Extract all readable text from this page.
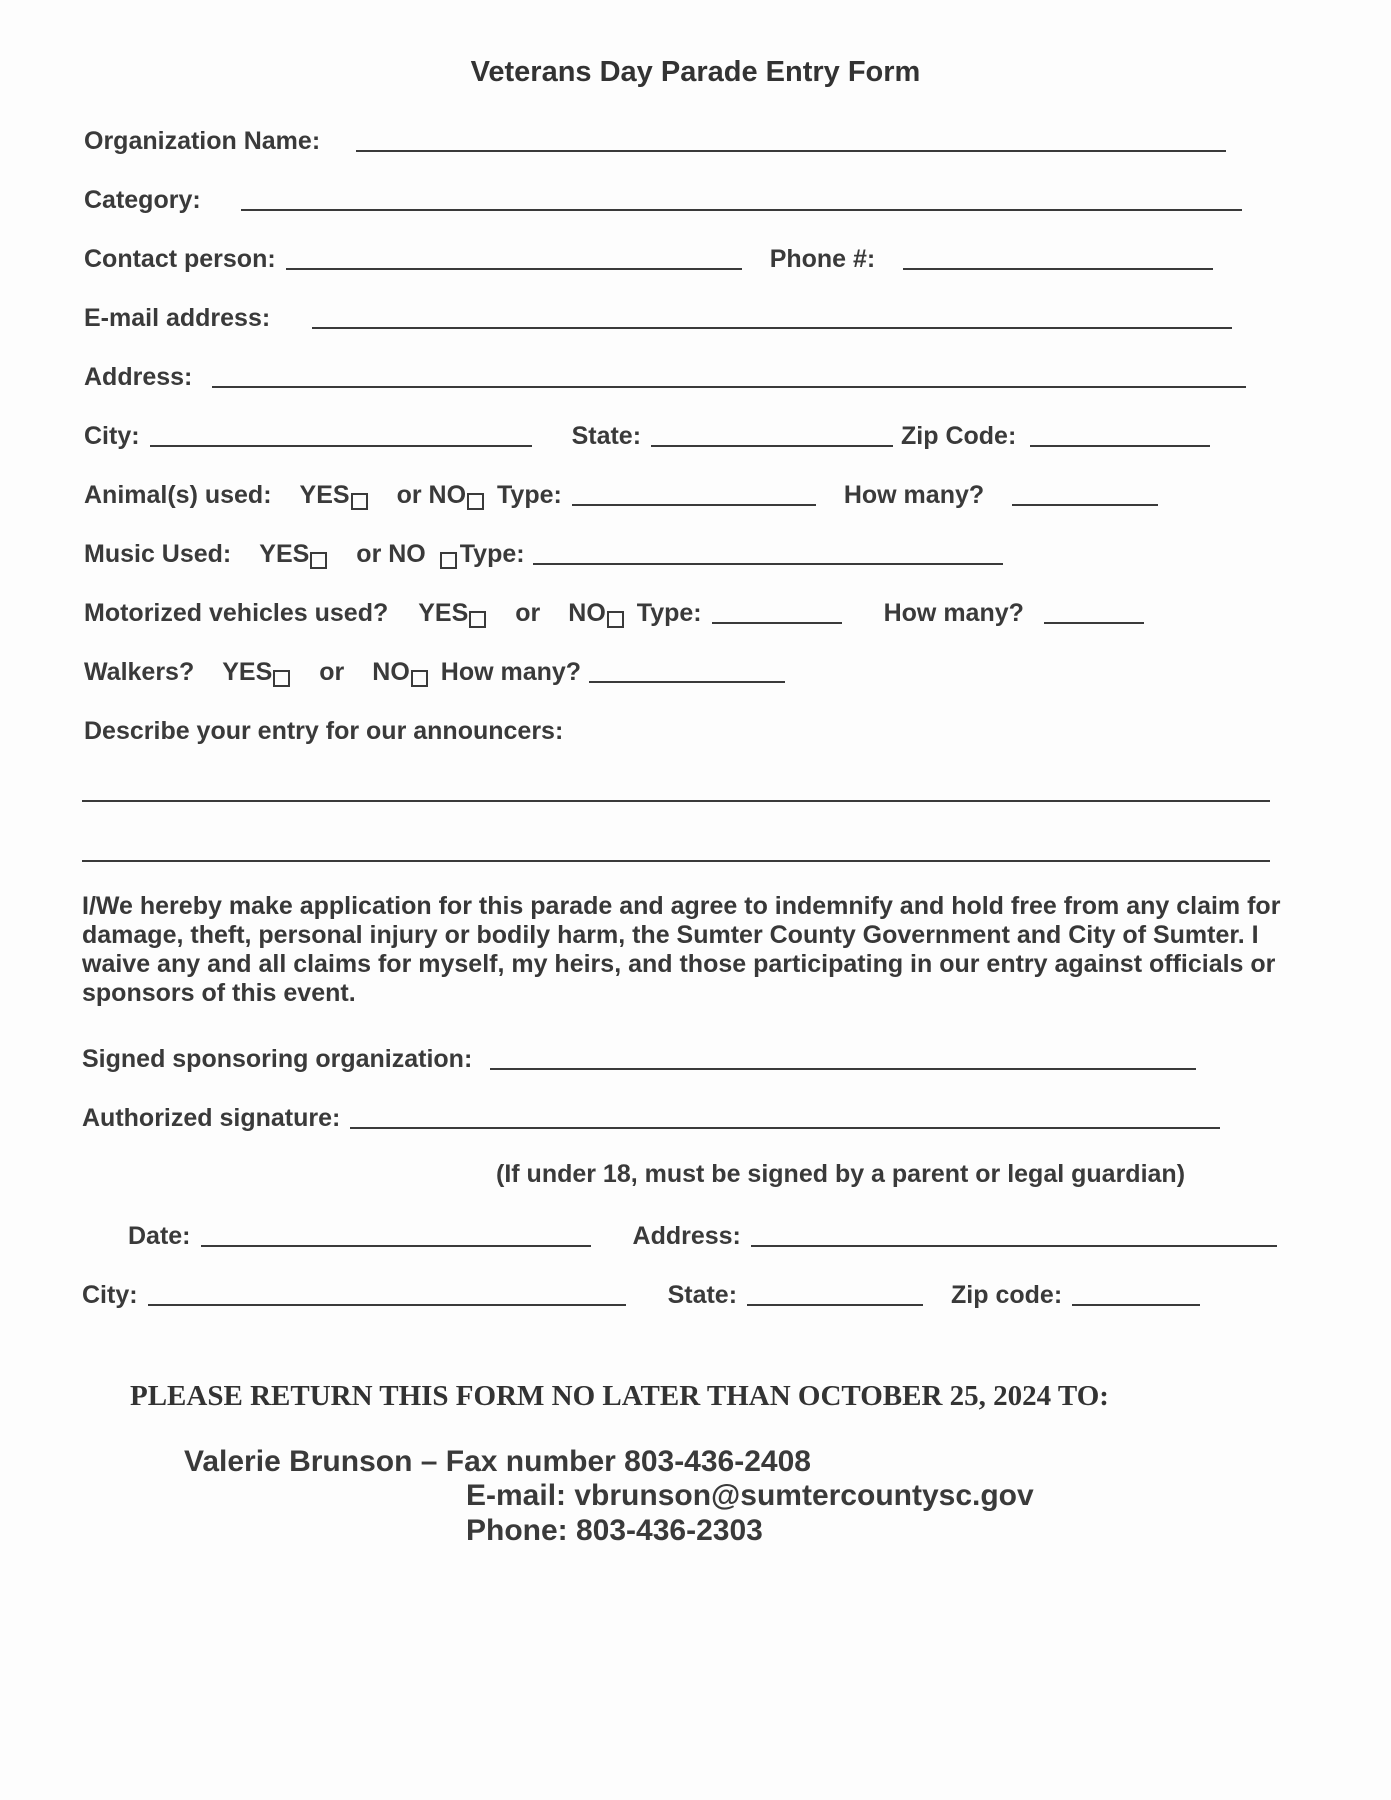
Veterans Day Parade Entry Form
Organization Name:
Category:
Contact person:	Phone #:
E-mail address:
Address:
City:	State:	Zip Code:
Animal(s) used: YES or NO Type:	How many?
Music Used: YES or NO Type:
Motorized vehicles used? YES or NO Type:	How many?
Walkers? YES or NO How many?
Describe your entry for our announcers:
I/We hereby make application for this parade and agree to indemnify and hold free from any claim for damage, theft, personal injury or bodily harm, the Sumter County Government and City of Sumter. I waive any and all claims for myself, my heirs, and those participating in our entry against officials or sponsors of this event.
Signed sponsoring organization:
Authorized signature:
(If under 18, must be signed by a parent or legal guardian)
Date:	Address:
City:	State:	Zip code:
PLEASE RETURN THIS FORM NO LATER THAN OCTOBER 25, 2024 TO:
Valerie Brunson – Fax number 803-436-2408
E-mail: vbrunson@sumtercountysc.gov
Phone: 803-436-2303
